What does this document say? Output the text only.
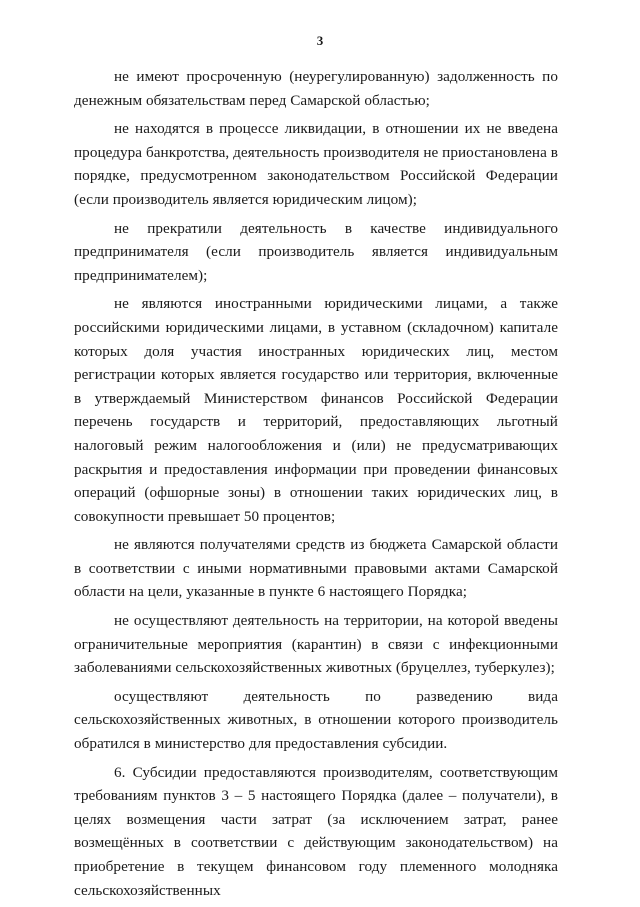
3

не имеют просроченную (неурегулированную) задолженность по денежным обязательствам перед Самарской областью;

не находятся в процессе ликвидации, в отношении их не введена процедура банкротства, деятельность производителя не приостановлена в порядке, предусмотренном законодательством Российской Федерации (если производитель является юридическим лицом);

не прекратили деятельность в качестве индивидуального предпринимателя (если производитель является индивидуальным предпринимателем);

не являются иностранными юридическими лицами, а также российскими юридическими лицами, в уставном (складочном) капитале которых доля участия иностранных юридических лиц, местом регистрации которых является государство или территория, включенные в утверждаемый Министерством финансов Российской Федерации перечень государств и территорий, предоставляющих льготный налоговый режим налогообложения и (или) не предусматривающих раскрытия и предоставления информации при проведении финансовых операций (офшорные зоны) в отношении таких юридических лиц, в совокупности превышает 50 процентов;

не являются получателями средств из бюджета Самарской области в соответствии с иными нормативными правовыми актами Самарской области на цели, указанные в пункте 6 настоящего Порядка;

не осуществляют деятельность на территории, на которой введены ограничительные мероприятия (карантин) в связи с инфекционными заболеваниями сельскохозяйственных животных (бруцеллез, туберкулез);

осуществляют деятельность по разведению вида сельскохозяйственных животных, в отношении которого производитель обратился в министерство для предоставления субсидии.

6. Субсидии предоставляются производителям, соответствующим требованиям пунктов 3 – 5 настоящего Порядка (далее – получатели), в целях возмещения части затрат (за исключением затрат, ранее возмещённых в соответствии с действующим законодательством) на приобретение в текущем финансовом году племенного молодняка сельскохозяйственных
